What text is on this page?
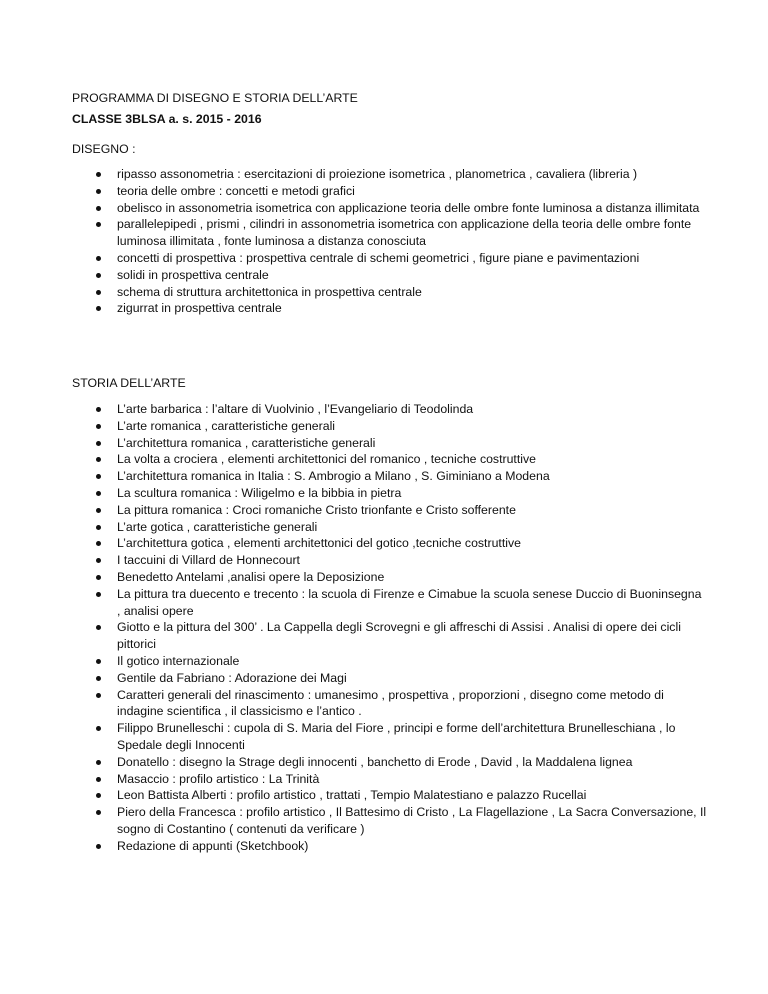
PROGRAMMA DI DISEGNO E STORIA DELL’ARTE

CLASSE 3BLSA a. s. 2015 - 2016

DISEGNO :

ripasso assonometria : esercitazioni di proiezione isometrica , planometrica , cavaliera (libreria )
teoria delle ombre : concetti e metodi grafici
obelisco in assonometria isometrica con applicazione teoria delle ombre fonte luminosa a distanza illimitata
parallelepipedi , prismi , cilindri in assonometria isometrica con applicazione della teoria delle ombre fonte luminosa illimitata , fonte luminosa a distanza conosciuta
concetti di prospettiva : prospettiva centrale di schemi geometrici , figure piane e pavimentazioni
solidi in prospettiva centrale
schema di struttura architettonica in prospettiva centrale
zigurrat in prospettiva centrale

STORIA DELL’ARTE

L’arte barbarica : l’altare di Vuolvinio , l’Evangeliario di Teodolinda
L’arte romanica , caratteristiche generali
L’architettura romanica , caratteristiche generali
La volta a crociera , elementi architettonici del romanico , tecniche costruttive
L’architettura romanica in Italia : S. Ambrogio a Milano , S. Giminiano a Modena
La scultura romanica : Wiligelmo e la bibbia in pietra
La pittura romanica : Croci romaniche Cristo trionfante e Cristo sofferente
L’arte gotica , caratteristiche generali
L’architettura gotica , elementi architettonici del gotico ,tecniche costruttive
I taccuini di Villard de Honnecourt
Benedetto Antelami ,analisi opere la Deposizione
La pittura tra duecento e trecento : la scuola di Firenze e Cimabue la scuola senese Duccio di Buoninsegna , analisi opere
Giotto e la pittura del 300’ . La Cappella degli Scrovegni e gli affreschi di Assisi . Analisi di opere dei cicli pittorici
Il gotico internazionale
Gentile da Fabriano : Adorazione dei Magi
Caratteri generali del rinascimento : umanesimo , prospettiva , proporzioni , disegno come metodo di indagine scientifica , il classicismo e l’antico .
Filippo Brunelleschi : cupola di S. Maria del Fiore , principi e forme dell’architettura Brunelleschiana , lo Spedale degli Innocenti
Donatello : disegno la Strage degli innocenti , banchetto di Erode , David , la Maddalena lignea
Masaccio : profilo artistico : La Trinità
Leon Battista Alberti : profilo artistico , trattati , Tempio Malatestiano e palazzo Rucellai
Piero della Francesca : profilo artistico , Il Battesimo di Cristo , La Flagellazione , La Sacra Conversazione, Il sogno di Costantino ( contenuti da verificare )
Redazione di appunti (Sketchbook)
